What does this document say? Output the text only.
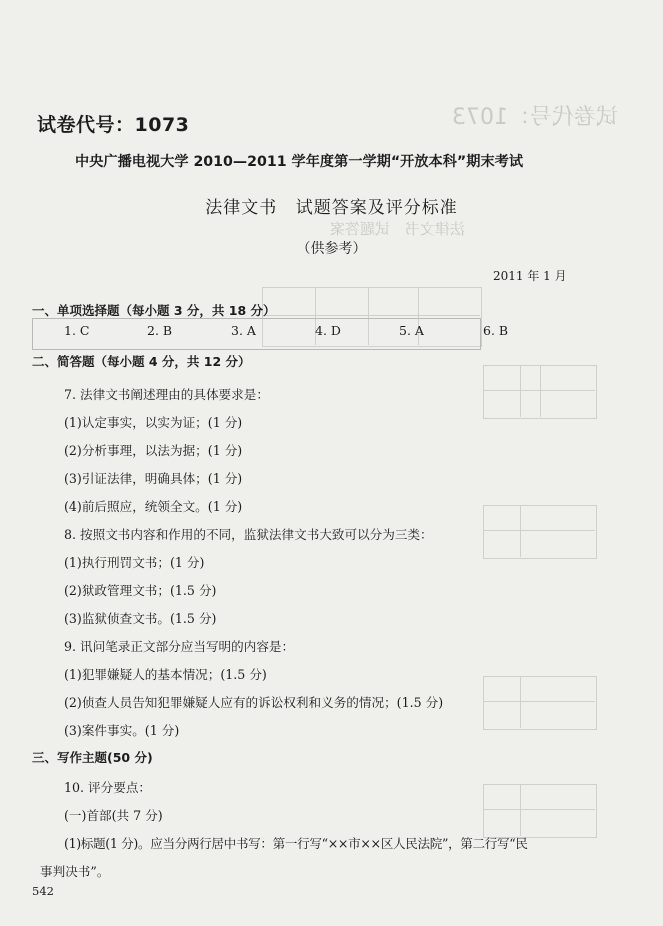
试卷代号：1073
法律文书　试题答案
试卷代号：1073
中央广播电视大学 2010—2011 学年度第一学期“开放本科”期末考试
法律文书 试题答案及评分标准
（供参考）
2011 年 1 月
一、单项选择题（每小题 3 分，共 18 分）
1. C	2. B	3. A	4. D	5. A	6. B
二、简答题（每小题 4 分，共 12 分）
7. 法律文书阐述理由的具体要求是：
(1)认定事实，以实为证；(1 分)
(2)分析事理，以法为据；(1 分)
(3)引证法律，明确具体；(1 分)
(4)前后照应，统领全文。(1 分)
8. 按照文书内容和作用的不同，监狱法律文书大致可以分为三类：
(1)执行刑罚文书；(1 分)
(2)狱政管理文书；(1.5 分)
(3)监狱侦查文书。(1.5 分)
9. 讯问笔录正文部分应当写明的内容是：
(1)犯罪嫌疑人的基本情况；(1.5 分)
(2)侦查人员告知犯罪嫌疑人应有的诉讼权利和义务的情况；(1.5 分)
(3)案件事实。(1 分)
三、写作主题(50 分)
10. 评分要点：
(一)首部(共 7 分)
(1)标题(1 分)。应当分两行居中书写：第一行写“××市××区人民法院”，第二行写“民
事判决书”。
542
